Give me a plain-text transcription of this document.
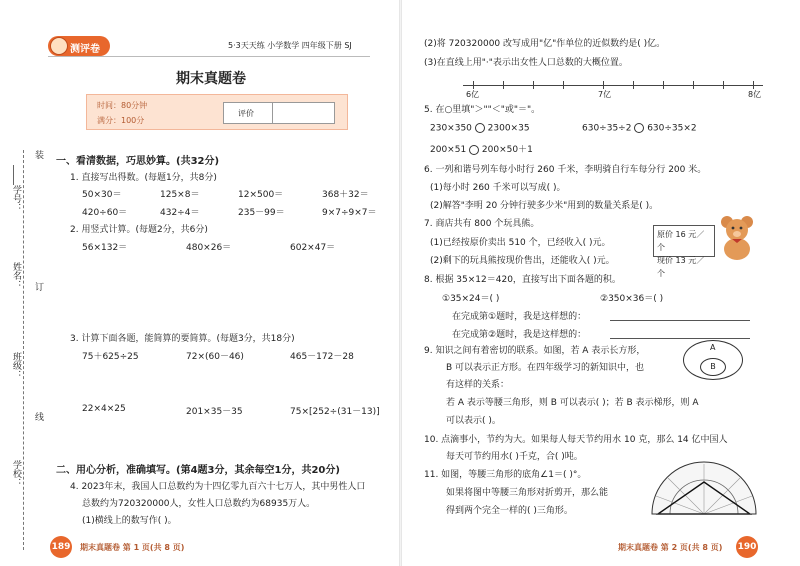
测评卷	5·3天天练 小学数学 四年级下册 SJ
期末真题卷
时间：80分钟
满分：100分
评价
学号：
装
姓名： 订
班级：
线
学校：
一、看清数据，巧思妙算。(共32分)
1. 直接写出得数。(每题1分，共8分)
50×30＝	125×8＝	12×500＝	368＋32＝
420÷60＝	432÷4＝	235－99＝	9×7÷9×7＝
2. 用竖式计算。(每题2分，共6分)
56×132＝	480×26＝	602×47＝
3. 计算下面各题，能简算的要简算。(每题3分，共18分)
75＋625÷25	72×(60－46)	465－172－28
22×4×25	201×35－35	75×[252÷(31－13)]
二、用心分析，准确填写。(第4题3分，其余每空1分，共20分)
4. 2023年末，我国人口总数约为十四亿零九百六十七万人，其中男性人口
总数约为720320000人，女性人口总数约为68935万人。
(1)横线上的数写作( )。
189 期末真题卷 第 1 页(共 8 页)
(2)将 720320000 改写成用"亿"作单位的近似数约是( )亿。
(3)在直线上用"·"表示出女性人口总数的大概位置。
6亿	7亿	8亿
5. 在○里填"＞""＜"或"＝"。
230×350 2300×35	630÷35÷2 630÷35×2
200×51 200×50＋1
6. 一列和谐号列车每小时行 260 千米，李明骑自行车每分行 200 米。
(1)每小时 260 千米可以写成( )。
(2)解答"李明 20 分钟行驶多少米"用到的数量关系是( )。
7. 商店共有 800 个玩具熊。
(1)已经按原价卖出 510 个，已经收入( )元。
(2)剩下的玩具熊按现价售出，还能收入( )元。
原价 16 元／个
现价 13 元／个
8. 根据 35×12＝420，直接写出下面各题的积。
①35×24＝( )	②350×36＝( )
在完成第①题时，我是这样想的：
在完成第②题时，我是这样想的：
9. 知识之间有着密切的联系。如图，若 A 表示长方形，
B 可以表示正方形。在四年级学习的新知识中，也
有这样的关系：
A
B
若 A 表示等腰三角形，则 B 可以表示( )；若 B 表示梯形，则 A
可以表示( )。
10. 点滴事小，节约为大。如果每人每天节约用水 10 克，那么 14 亿中国人
每天可节约用水( )千克，合( )吨。
11. 如图，等腰三角形的底角∠1＝( )°。
如果将图中等腰三角形对折剪开，那么能
得到两个完全一样的( )三角形。
期末真题卷 第 2 页(共 8 页) 190
